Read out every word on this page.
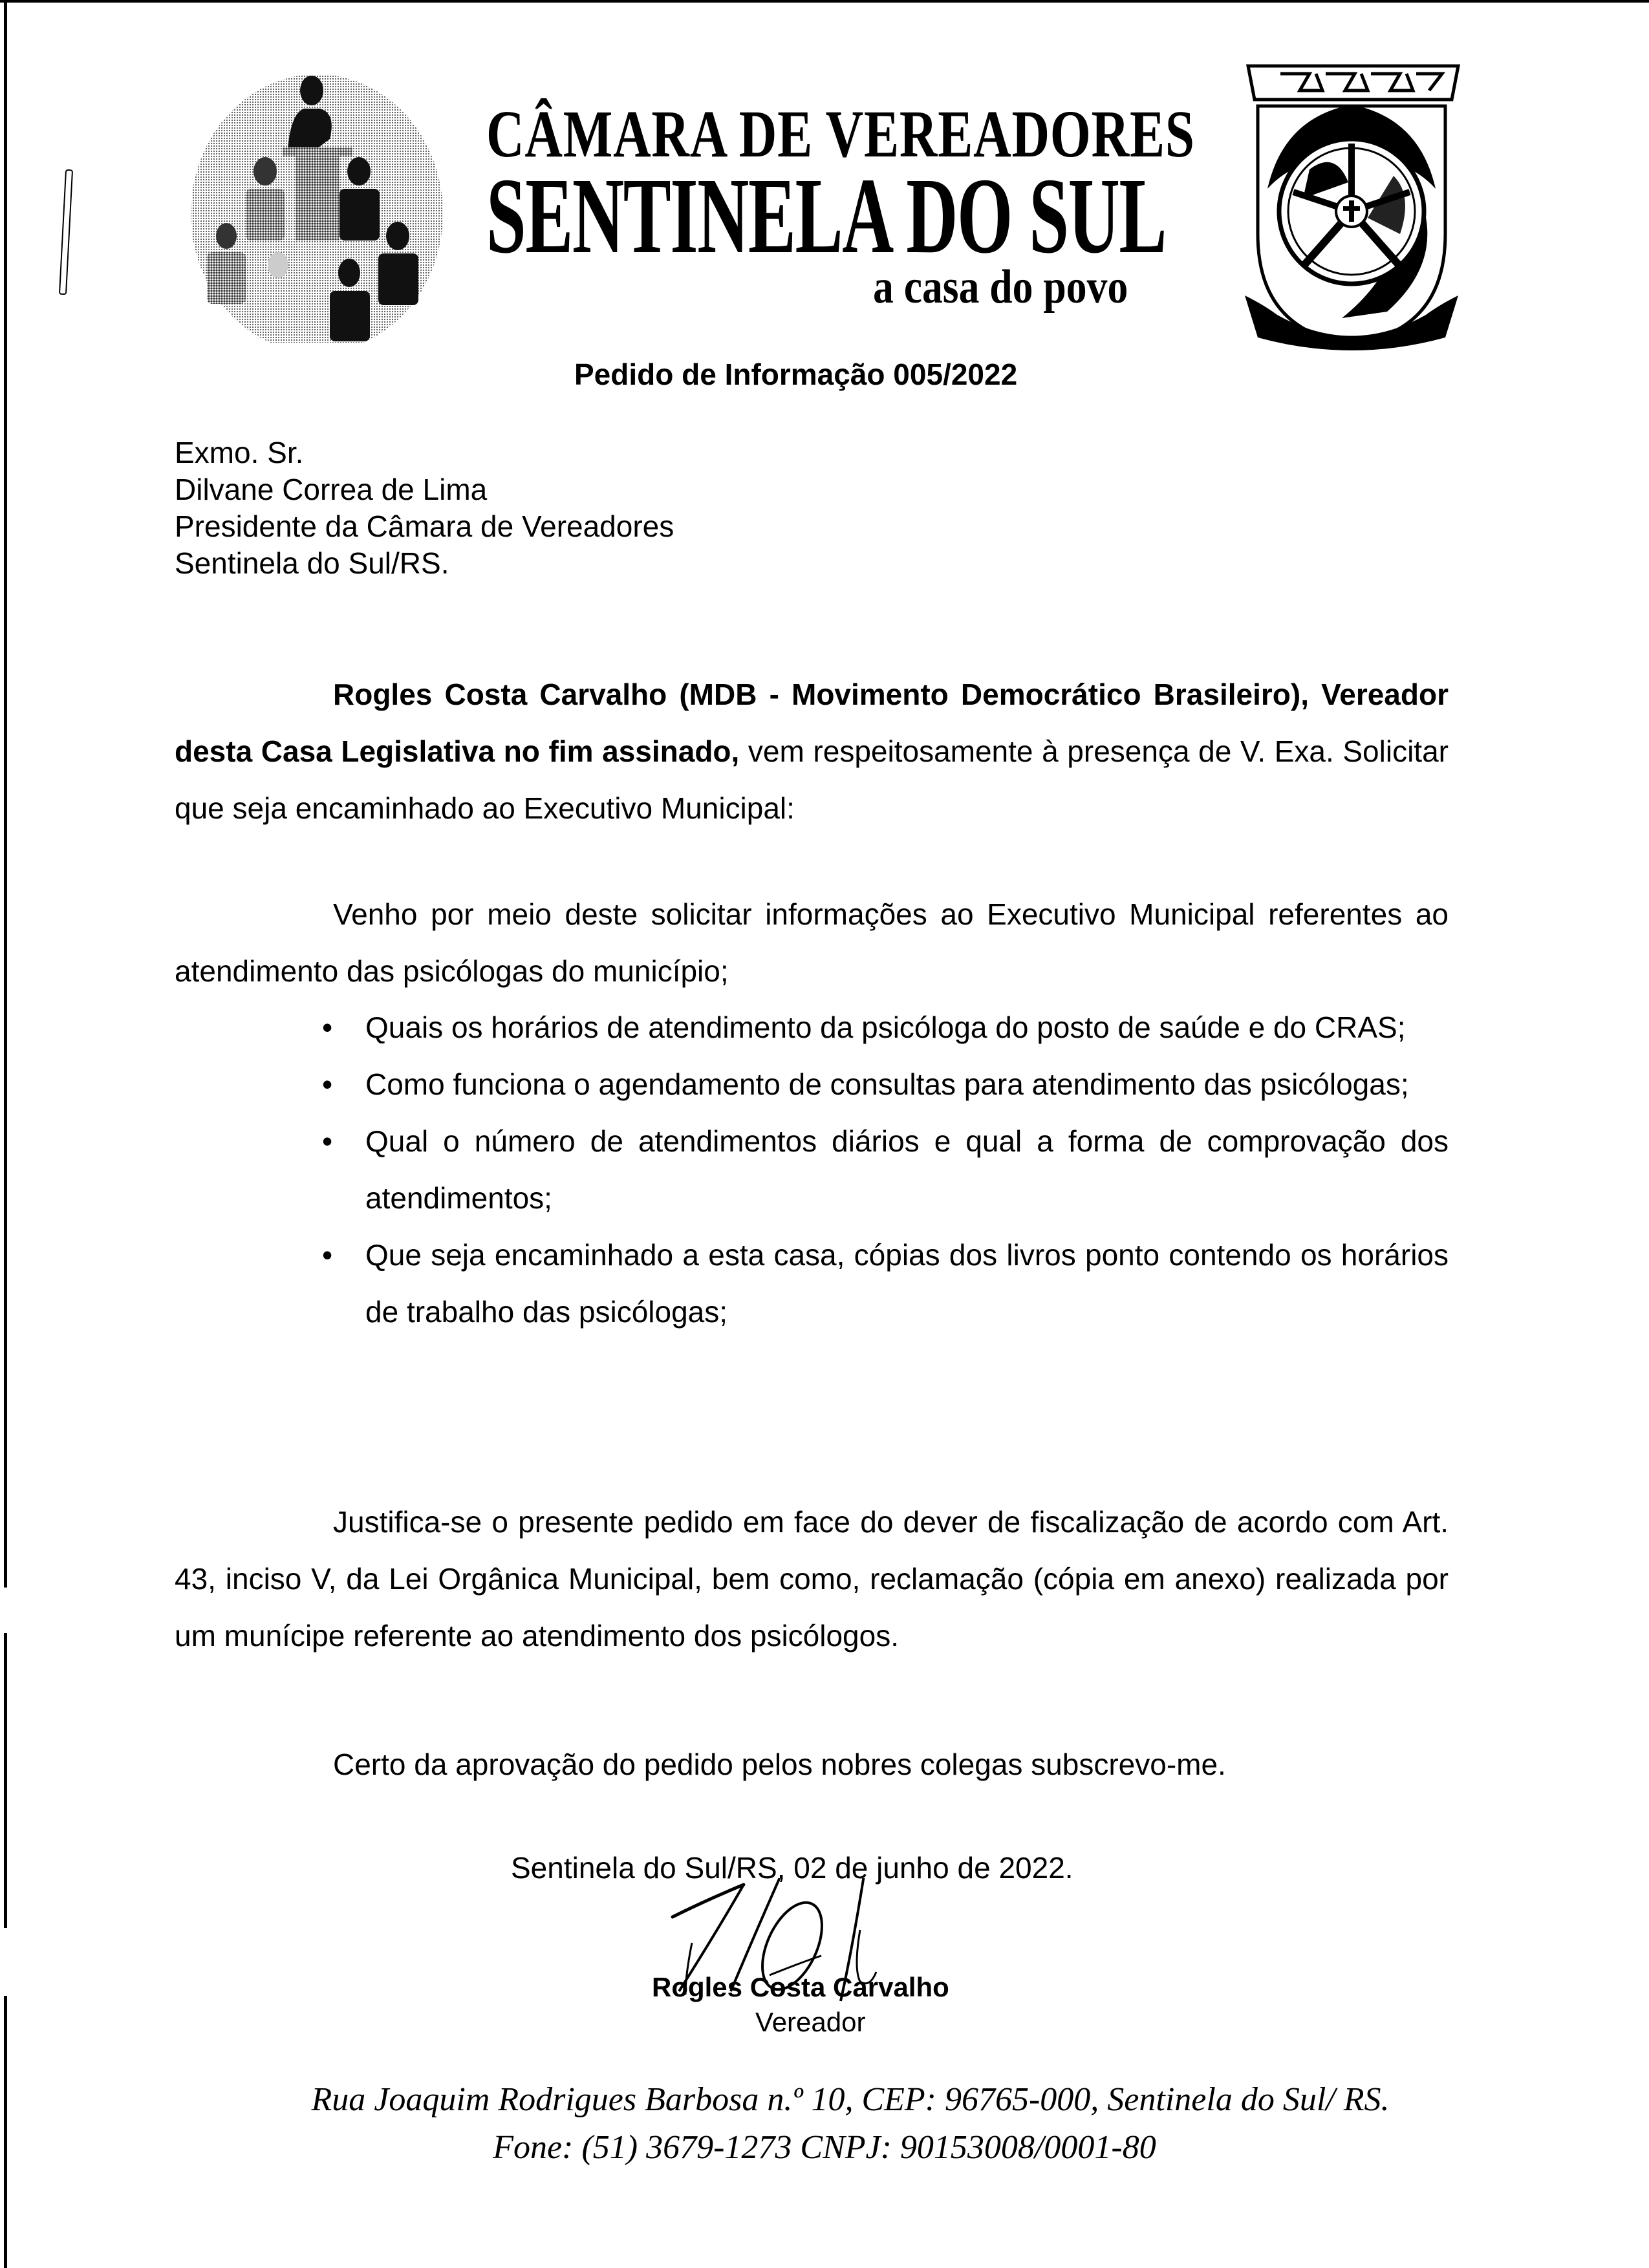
CÂMARA DE VEREADORES
SENTINELA DO SUL
a casa do povo
Pedido de Informação 005/2022
Exmo. Sr.
Dilvane Correa de Lima
Presidente da Câmara de Vereadores
Sentinela do Sul/RS.
Rogles Costa Carvalho (MDB - Movimento Democrático Brasileiro), Vereador desta Casa Legislativa no fim assinado, vem respeitosamente à presença de V. Exa. Solicitar que seja encaminhado ao Executivo Municipal:
Venho por meio deste solicitar informações ao Executivo Municipal referentes ao atendimento das psicólogas do município;
• Quais os horários de atendimento da psicóloga do posto de saúde e do CRAS;
• Como funciona o agendamento de consultas para atendimento das psicólogas;
• Qual o número de atendimentos diários e qual a forma de comprovação dos atendimentos;
• Que seja encaminhado a esta casa, cópias dos livros ponto contendo os horários de trabalho das psicólogas;
Justifica-se o presente pedido em face do dever de fiscalização de acordo com Art. 43, inciso V, da Lei Orgânica Municipal, bem como, reclamação (cópia em anexo) realizada por um munícipe referente ao atendimento dos psicólogos.
Certo da aprovação do pedido pelos nobres colegas subscrevo-me.
Sentinela do Sul/RS, 02 de junho de 2022.
Rogles Costa Carvalho
Vereador
Rua Joaquim Rodrigues Barbosa n.º 10, CEP: 96765-000, Sentinela do Sul/ RS.
Fone: (51) 3679-1273 CNPJ: 90153008/0001-80
